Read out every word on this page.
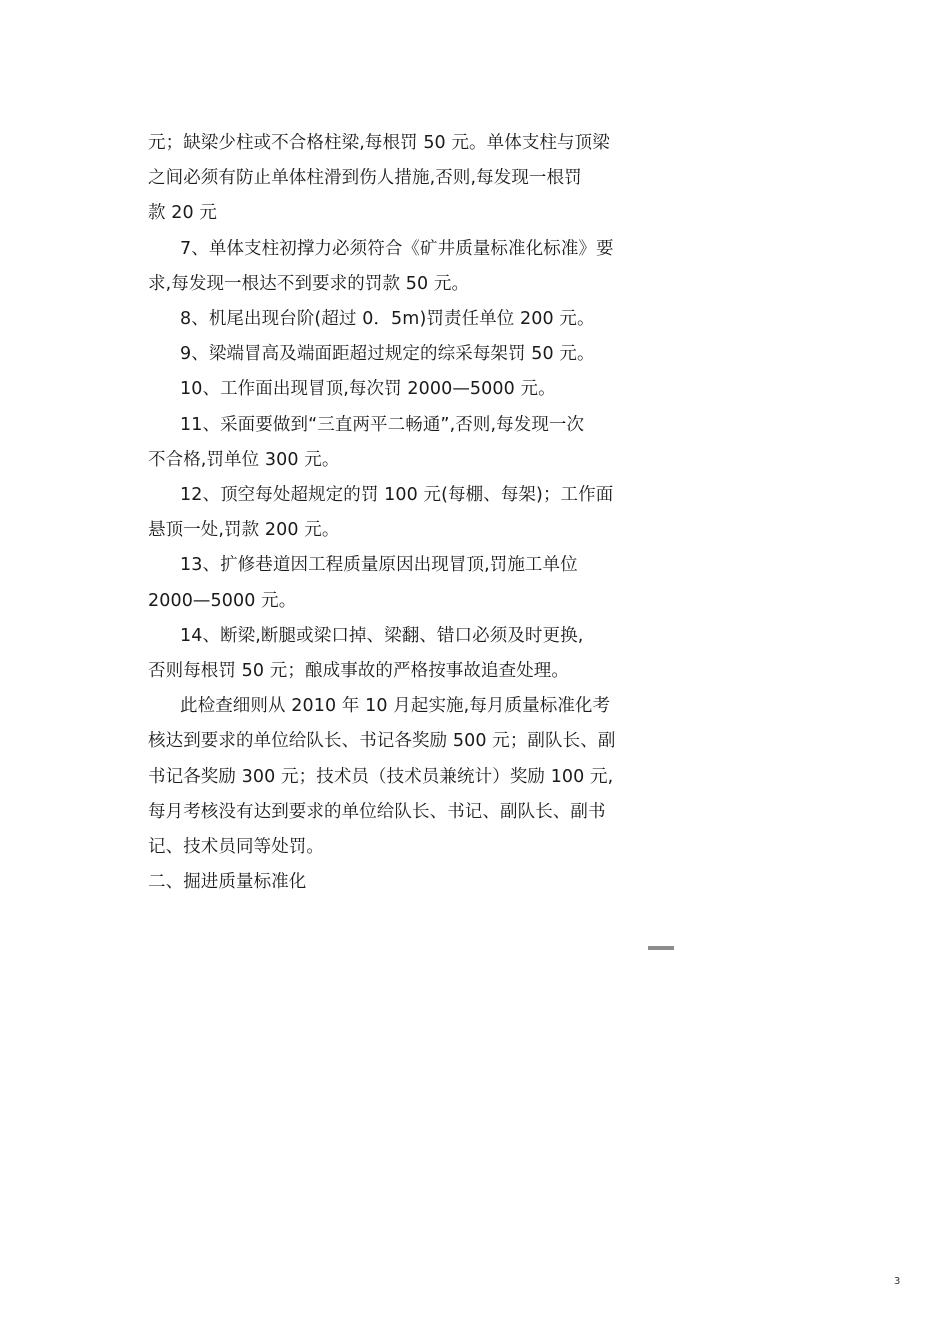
元；缺梁少柱或不合格柱梁,每根罚 50 元。单体支柱与顶梁

之间必须有防止单体柱滑到伤人措施,否则,每发现一根罚

款 20 元

7、单体支柱初撑力必须符合《矿井质量标准化标准》要

求,每发现一根达不到要求的罚款 50 元。

8、机尾出现台阶(超过 0．5m)罚责任单位 200 元。

9、梁端冒高及端面距超过规定的综采每架罚 50 元。

10、工作面出现冒顶,每次罚 2000—5000 元。

11、采面要做到“三直两平二畅通”,否则,每发现一次

不合格,罚单位 300 元。

12、顶空每处超规定的罚 100 元(每棚、每架)；工作面

悬顶一处,罚款 200 元。

13、扩修巷道因工程质量原因出现冒顶,罚施工单位

2000—5000 元。

14、断梁,断腿或梁口掉、梁翻、错口必须及时更换,

否则每根罚 50 元；酿成事故的严格按事故追查处理。

此检查细则从 2010 年 10 月起实施,每月质量标准化考

核达到要求的单位给队长、书记各奖励 500 元；副队长、副

书记各奖励 300 元；技术员（技术员兼统计）奖励 100 元,

每月考核没有达到要求的单位给队长、书记、副队长、副书

记、技术员同等处罚。

二、掘进质量标准化

3
